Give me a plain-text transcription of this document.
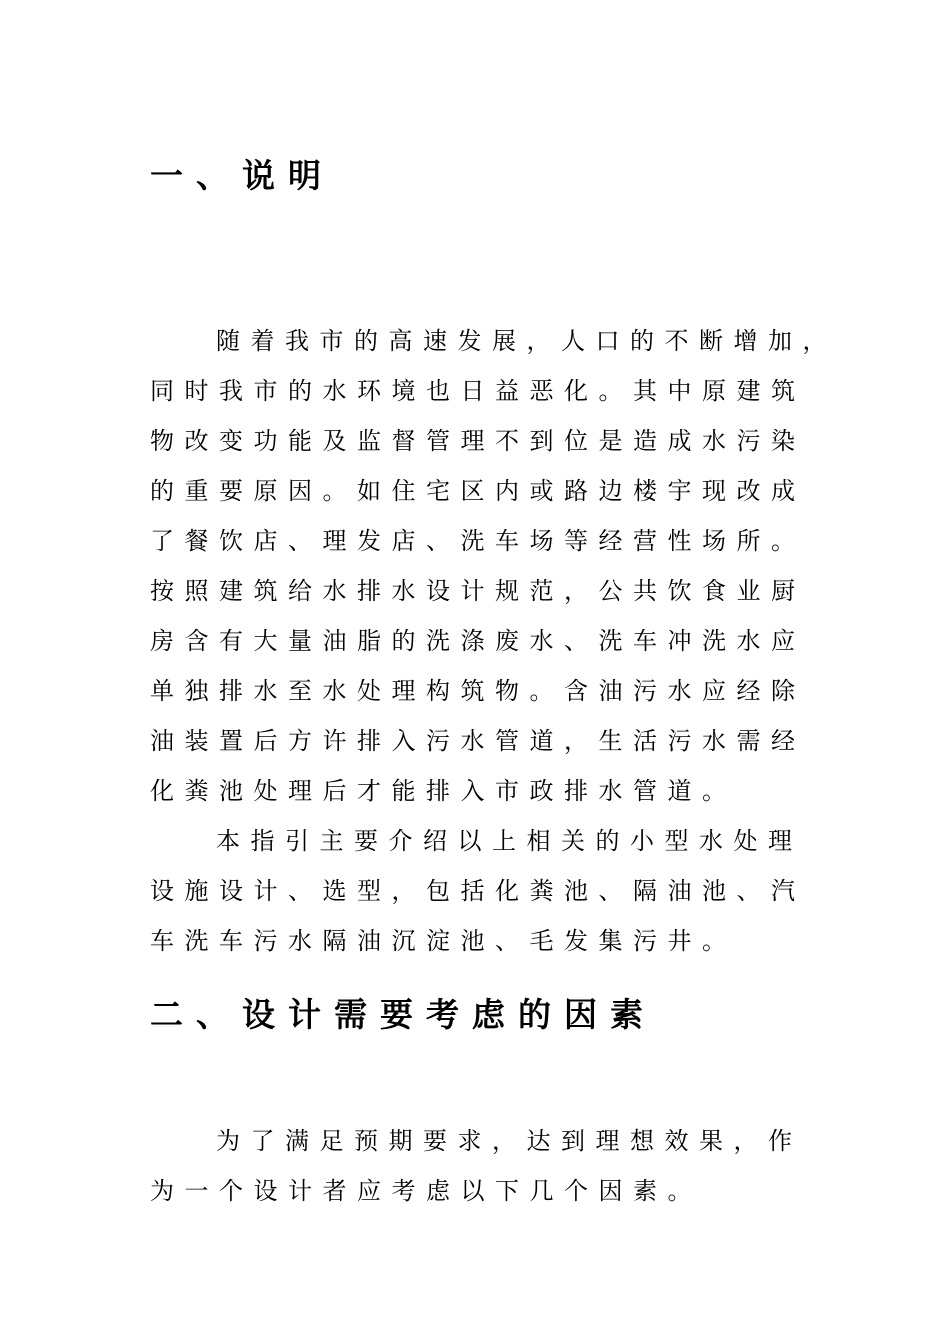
一、说明
随着我市的高速发展，人口的不断增加，
同时我市的水环境也日益恶化。其中原建筑
物改变功能及监督管理不到位是造成水污染
的重要原因。如住宅区内或路边楼宇现改成
了餐饮店、理发店、洗车场等经营性场所。
按照建筑给水排水设计规范，公共饮食业厨
房含有大量油脂的洗涤废水、洗车冲洗水应
单独排水至水处理构筑物。含油污水应经除
油装置后方许排入污水管道，生活污水需经
化粪池处理后才能排入市政排水管道。
本指引主要介绍以上相关的小型水处理
设施设计、选型，包括化粪池、隔油池、汽
车洗车污水隔油沉淀池、毛发集污井。
二、设计需要考虑的因素
为了满足预期要求，达到理想效果，作
为一个设计者应考虑以下几个因素。
